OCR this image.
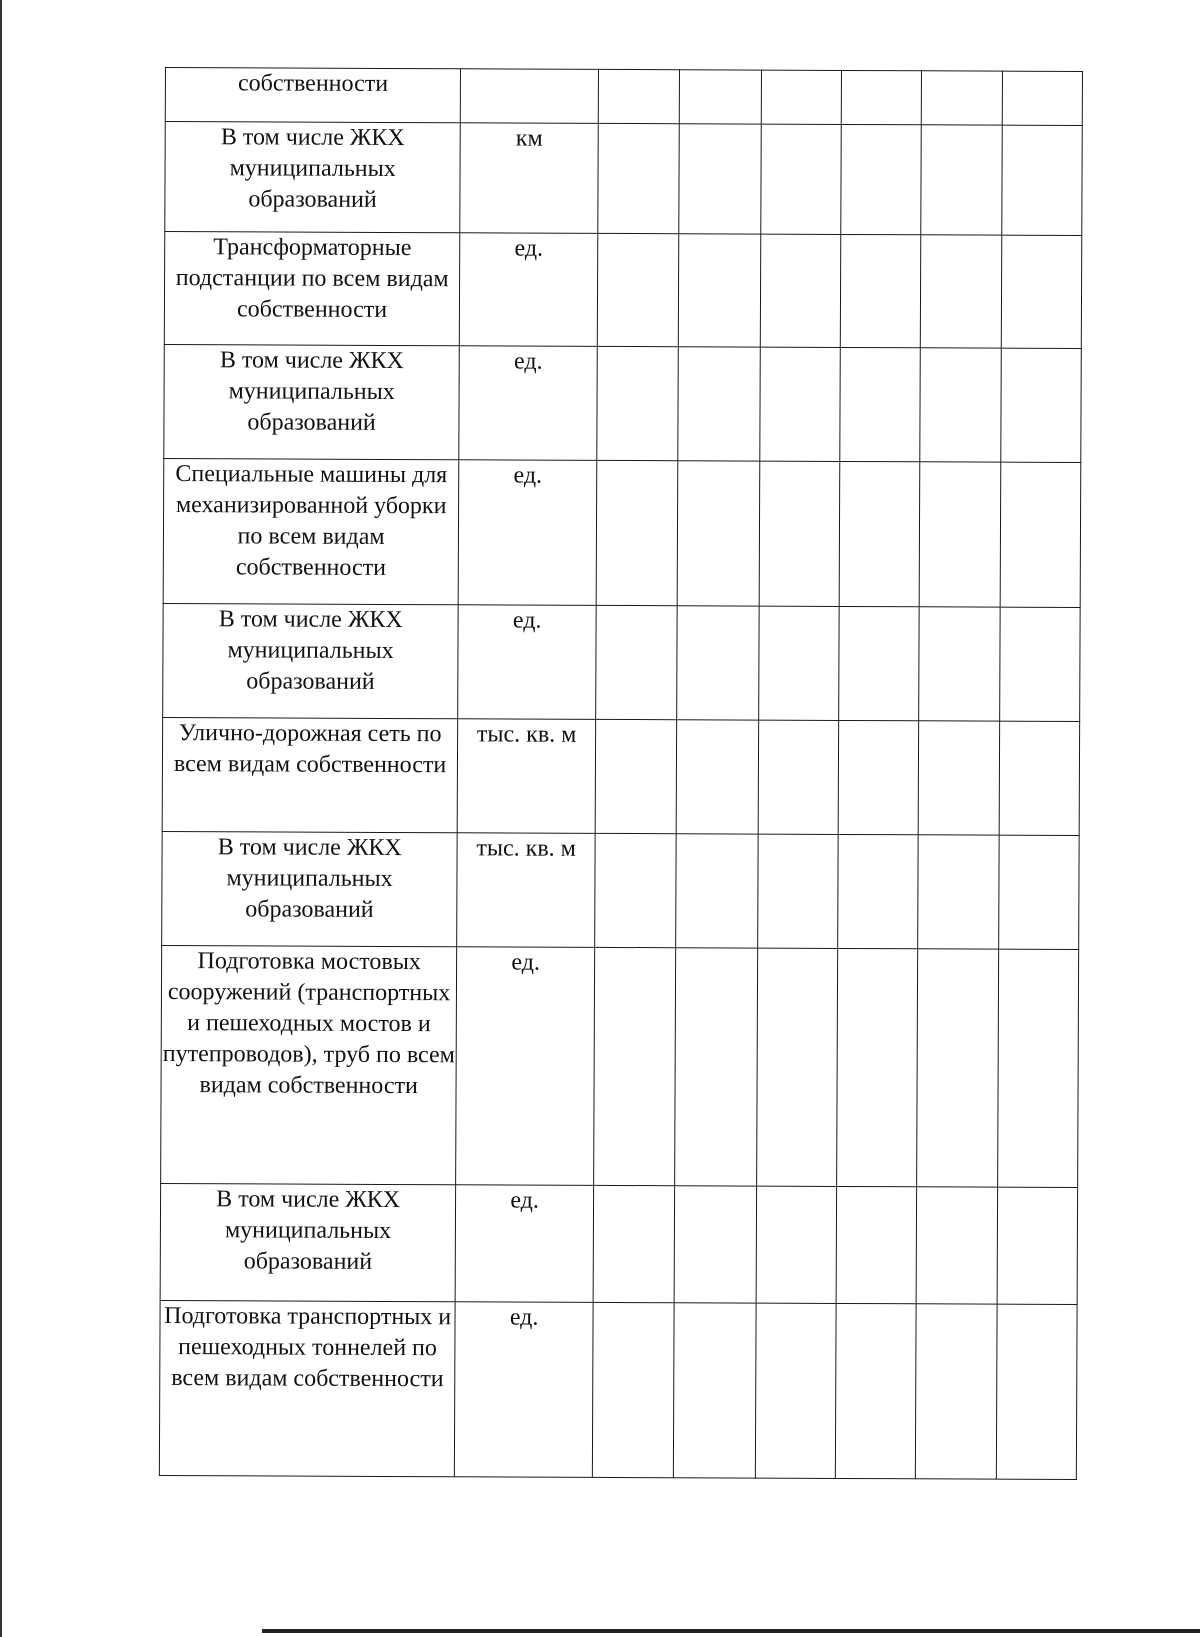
собственности							
В том числе ЖКХ муниципальных образований	км						
Трансформаторные подстанции по всем видам собственности	ед.						
В том числе ЖКХ муниципальных образований	ед.						
Специальные машины для механизированной уборки по всем видам собственности	ед.						
В том числе ЖКХ муниципальных образований	ед.						
Улично-дорожная сеть по всем видам собственности	тыс. кв. м						
В том числе ЖКХ муниципальных образований	тыс. кв. м						
Подготовка мостовых сооружений (транспортных и пешеходных мостов и путепроводов), труб по всем видам собственности	ед.						
В том числе ЖКХ муниципальных образований	ед.						
Подготовка транспортных и пешеходных тоннелей по всем видам собственности	ед.						
